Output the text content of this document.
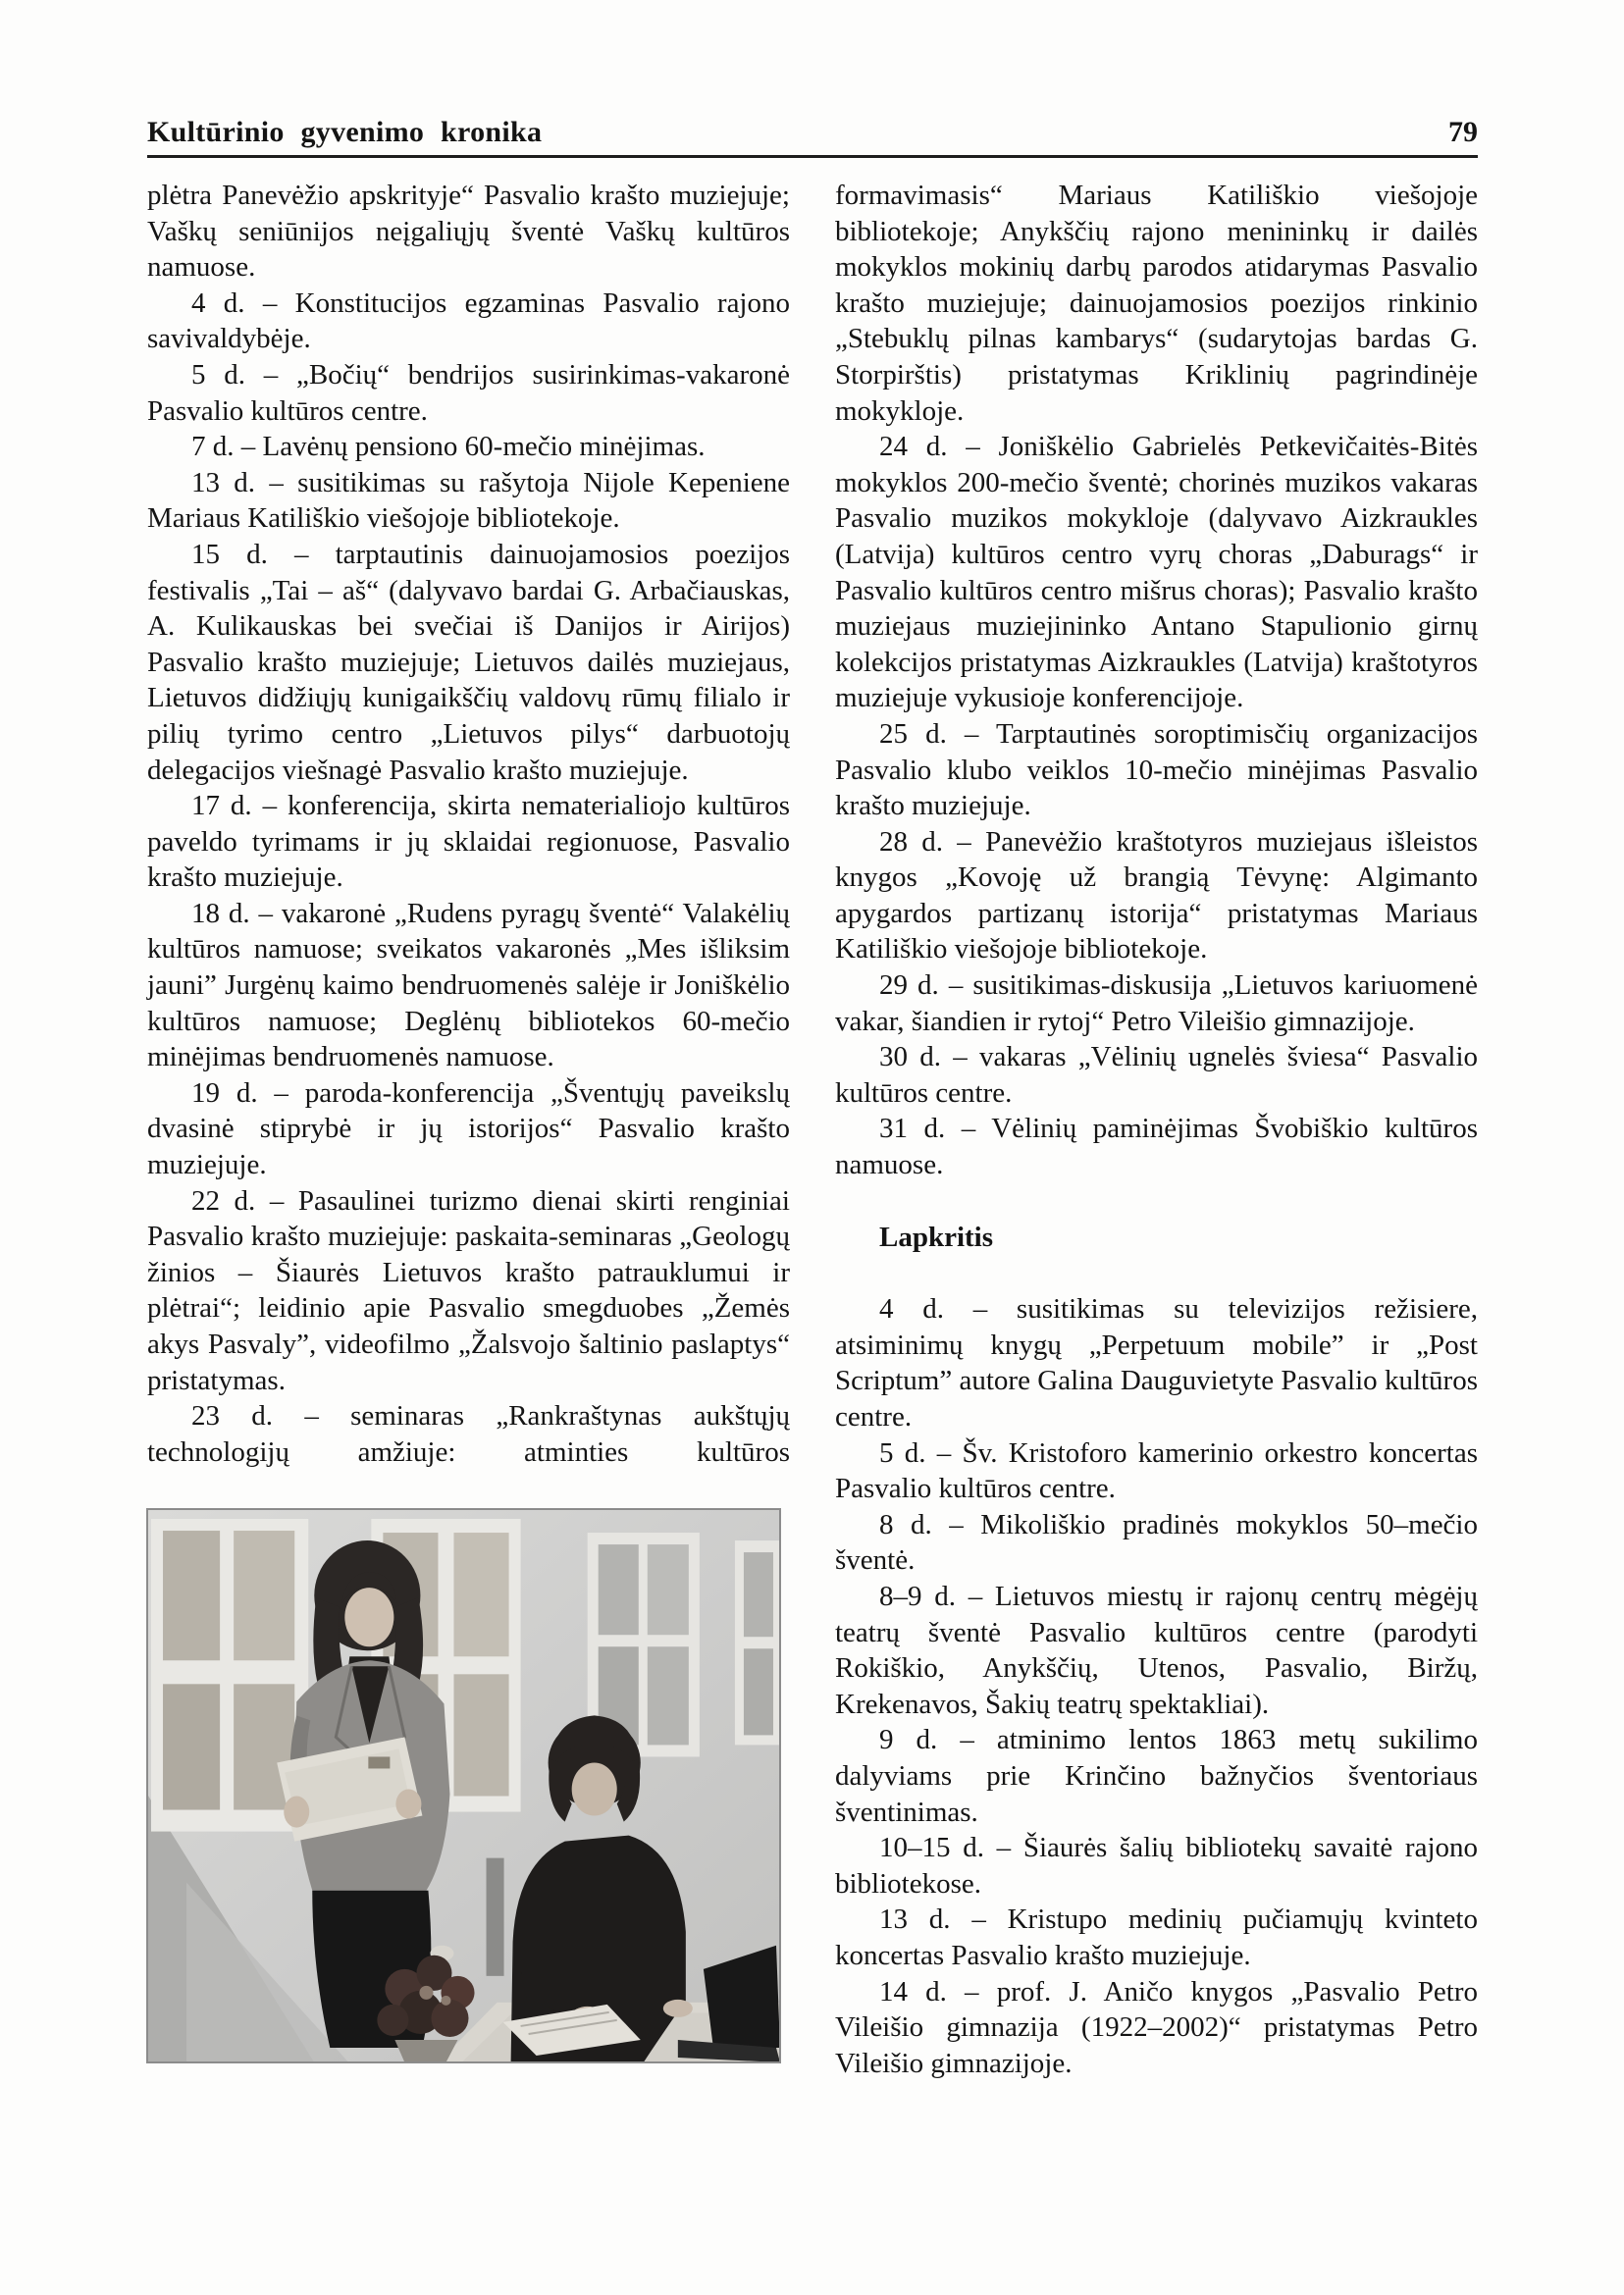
Kultūrinio gyvenimo kronika	79

plėtra Panevėžio apskrityje“ Pasvalio krašto muziejuje; Vaškų seniūnijos neįgaliųjų šventė Vaškų kultūros namuose.

4 d. – Konstitucijos egzaminas Pasvalio rajono savivaldybėje.

5 d. – „Bočių“ bendrijos susirinkimas-vakaronė Pasvalio kultūros centre.

7 d. – Lavėnų pensiono 60-mečio minėjimas.

13 d. – susitikimas su rašytoja Nijole Kepeniene Mariaus Katiliškio viešojoje bibliotekoje.

15 d. – tarptautinis dainuojamosios poezijos festivalis „Tai – aš“ (dalyvavo bardai G. Arbačiauskas, A. Kulikauskas bei svečiai iš Danijos ir Airijos) Pasvalio krašto muziejuje; Lietuvos dailės muziejaus, Lietuvos didžiųjų kunigaikščių valdovų rūmų filialo ir pilių tyrimo centro „Lietuvos pilys“ darbuotojų delegacijos viešnagė Pasvalio krašto muziejuje.

17 d. – konferencija, skirta nematerialiojo kultūros paveldo tyrimams ir jų sklaidai regionuose, Pasvalio krašto muziejuje.

18 d. – vakaronė „Rudens pyragų šventė“ Valakėlių kultūros namuose; sveikatos vakaronės „Mes išliksim jauni” Jurgėnų kaimo bendruomenės salėje ir Joniškėlio kultūros namuose; Deglėnų bibliotekos 60-mečio minėjimas bendruomenės namuose.

19 d. – paroda-konferencija „Šventųjų paveikslų dvasinė stiprybė ir jų istorijos“ Pasvalio krašto muziejuje.

22 d. – Pasaulinei turizmo dienai skirti renginiai Pasvalio krašto muziejuje: paskaita-seminaras „Geologų žinios – Šiaurės Lietuvos krašto patrauklumui ir plėtrai“; leidinio apie Pasvalio smegduobes „Žemės akys Pasvaly”, videofilmo „Žalsvojo šaltinio paslaptys“ pristatymas.

23 d. – seminaras „Rankraštynas aukštųjų technologijų amžiuje: atminties kultūros

formavimasis“ Mariaus Katiliškio viešojoje bibliotekoje; Anykščių rajono menininkų ir dailės mokyklos mokinių darbų parodos atidarymas Pasvalio krašto muziejuje; dainuojamosios poezijos rinkinio „Stebuklų pilnas kambarys“ (sudarytojas bardas G. Storpirštis) pristatymas Kriklinių pagrindinėje mokykloje.

24 d. – Joniškėlio Gabrielės Petkevičaitės-Bitės mokyklos 200-mečio šventė; chorinės muzikos vakaras Pasvalio muzikos mokykloje (dalyvavo Aizkraukles (Latvija) kultūros centro vyrų choras „Daburags“ ir Pasvalio kultūros centro mišrus choras); Pasvalio krašto muziejaus muziejininko Antano Stapulionio girnų kolekcijos pristatymas Aizkraukles (Latvija) kraštotyros muziejuje vykusioje konferencijoje.

25 d. – Tarptautinės soroptimisčių organizacijos Pasvalio klubo veiklos 10-mečio minėjimas Pasvalio krašto muziejuje.

28 d. – Panevėžio kraštotyros muziejaus išleistos knygos „Kovoję už brangią Tėvynę: Algimanto apygardos partizanų istorija“ pristatymas Mariaus Katiliškio viešojoje bibliotekoje.

29 d. – susitikimas-diskusija „Lietuvos kariuomenė vakar, šiandien ir rytoj“ Petro Vileišio gimnazijoje.

30 d. – vakaras „Vėlinių ugnelės šviesa“ Pasvalio kultūros centre.

31 d. – Vėlinių paminėjimas Švobiškio kultūros namuose.

Lapkritis

4 d. – susitikimas su televizijos režisiere, atsiminimų knygų „Perpetuum mobile” ir „Post Scriptum” autore Galina Dauguvietyte Pasvalio kultūros centre.

5 d. – Šv. Kristoforo kamerinio orkestro koncertas Pasvalio kultūros centre.

8 d. – Mikoliškio pradinės mokyklos 50–mečio šventė.

8–9 d. – Lietuvos miestų ir rajonų centrų mėgėjų teatrų šventė Pasvalio kultūros centre (parodyti Rokiškio, Anykščių, Utenos, Pasvalio, Biržų, Krekenavos, Šakių teatrų spektakliai).

9 d. – atminimo lentos 1863 metų sukilimo dalyviams prie Krinčino bažnyčios šventoriaus šventinimas.

10–15 d. – Šiaurės šalių bibliotekų savaitė rajono bibliotekose.

13 d. – Kristupo medinių pučiamųjų kvinteto koncertas Pasvalio krašto muziejuje.

14 d. – prof. J. Aničo knygos „Pasvalio Petro Vileišio gimnazija (1922–2002)“ pristatymas Petro Vileišio gimnazijoje.
